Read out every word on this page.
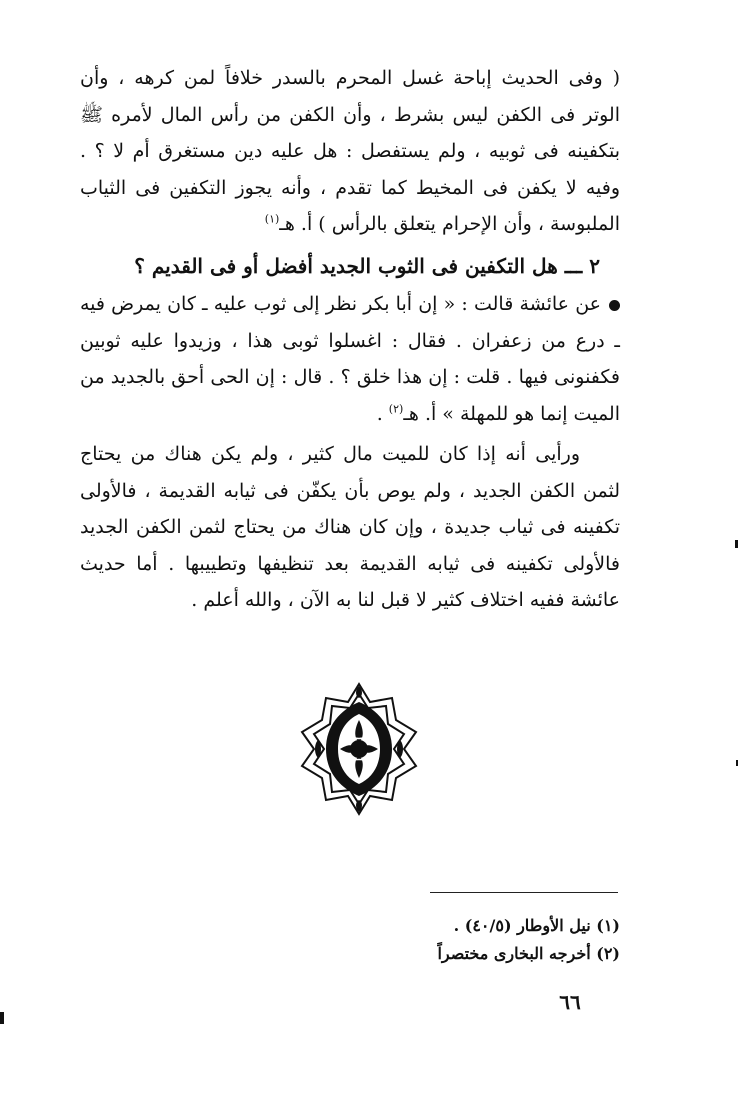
( وفى الحديث إباحة غسل المحرم بالسدر خلافاً لمن كرهه ، وأن الوتر فى الكفن ليس بشرط ، وأن الكفن من رأس المال لأمره ﷺ بتكفينه فى ثوبيه ، ولم يستفصل : هل عليه دين مستغرق أم لا ؟ . وفيه لا يكفن فى المخيط كما تقدم ، وأنه يجوز التكفين فى الثياب الملبوسة ، وأن الإحرام يتعلق بالرأس ) أ. هـ$^{(١)}$
٢ ـــ هل التكفين فى الثوب الجديد أفضل أو فى القديم ؟
عن عائشة قالت : « إن أبا بكر نظر إلى ثوب عليه ـ كان يمرض فيه ـ درع من زعفران . فقال : اغسلوا ثوبى هذا ، وزيدوا عليه ثوبين فكفنونى فيها . قلت : إن هذا خلق ؟ . قال : إن الحى أحق بالجديد من الميت إنما هو للمهلة » أ. هـ$^{(٢)}$ .
ورأيى أنه إذا كان للميت مال كثير ، ولم يكن هناك من يحتاج لثمن الكفن الجديد ، ولم يوص بأن يكفّن فى ثيابه القديمة ، فالأولى تكفينه فى ثياب جديدة ، وإن كان هناك من يحتاج لثمن الكفن الجديد فالأولى تكفينه فى ثيابه القديمة بعد تنظيفها وتطييبها . أما حديث عائشة ففيه اختلاف كثير لا قبل لنا به الآن ، والله أعلم .
(١) نيل الأوطار (٤٠/٥) .
(٢) أخرجه البخارى مختصراً
٦٦
